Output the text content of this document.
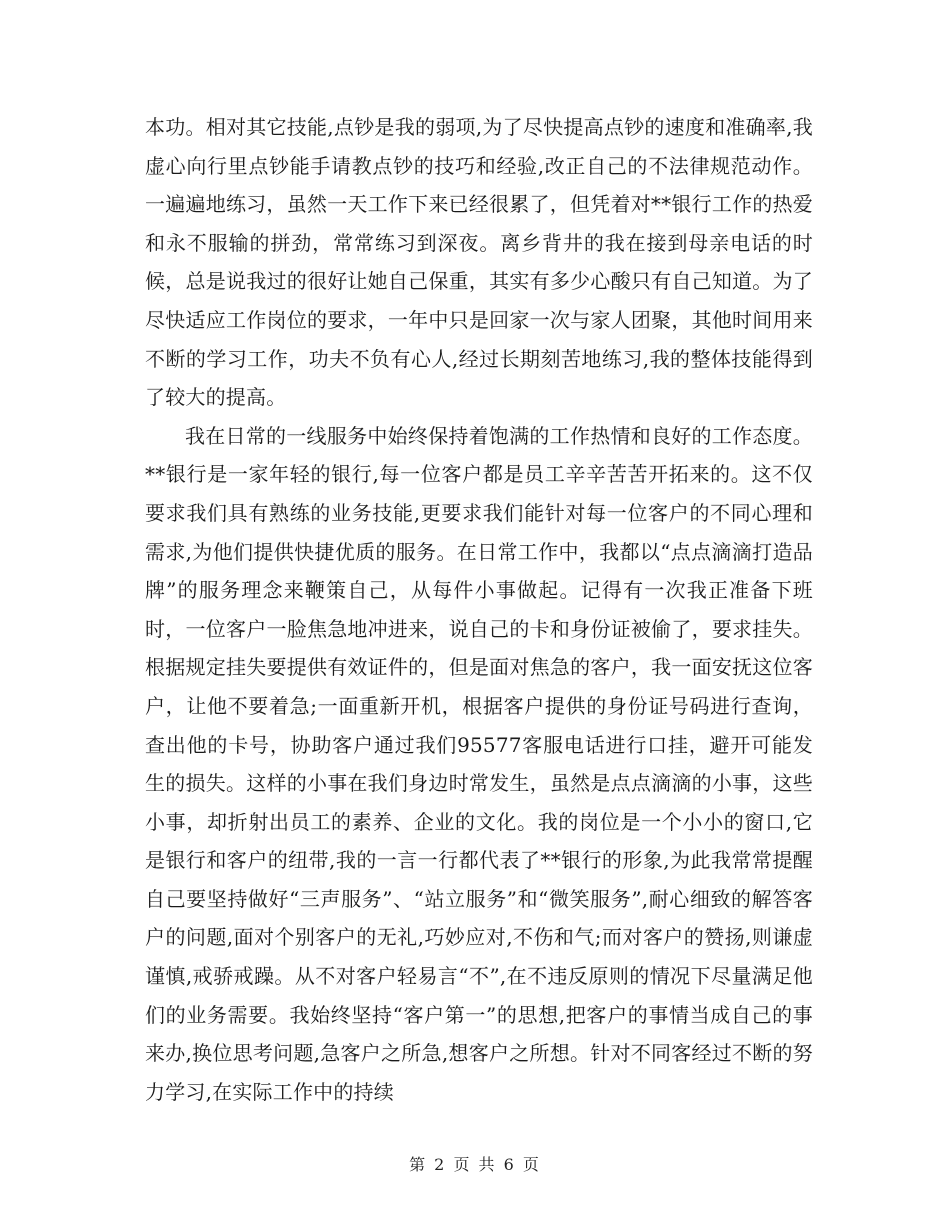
本功。相对其它技能,点钞是我的弱项,为了尽快提高点钞的速度和准确率,我虚心向行里点钞能手请教点钞的技巧和经验,改正自己的不法律规范动作。一遍遍地练习，虽然一天工作下来已经很累了，但凭着对**银行工作的热爱和永不服输的拼劲，常常练习到深夜。离乡背井的我在接到母亲电话的时候，总是说我过的很好让她自己保重，其实有多少心酸只有自己知道。为了尽快适应工作岗位的要求，一年中只是回家一次与家人团聚，其他时间用来不断的学习工作，功夫不负有心人,经过长期刻苦地练习,我的整体技能得到了较大的提高。

我在日常的一线服务中始终保持着饱满的工作热情和良好的工作态度。**银行是一家年轻的银行,每一位客户都是员工辛辛苦苦开拓来的。这不仅要求我们具有熟练的业务技能,更要求我们能针对每一位客户的不同心理和需求,为他们提供快捷优质的服务。在日常工作中，我都以“点点滴滴打造品牌”的服务理念来鞭策自己，从每件小事做起。记得有一次我正准备下班时，一位客户一脸焦急地冲进来，说自己的卡和身份证被偷了，要求挂失。根据规定挂失要提供有效证件的，但是面对焦急的客户，我一面安抚这位客户，让他不要着急;一面重新开机，根据客户提供的身份证号码进行查询，查出他的卡号，协助客户通过我们95577客服电话进行口挂，避开可能发生的损失。这样的小事在我们身边时常发生，虽然是点点滴滴的小事，这些小事，却折射出员工的素养、企业的文化。我的岗位是一个小小的窗口,它是银行和客户的纽带,我的一言一行都代表了**银行的形象,为此我常常提醒自己要坚持做好“三声服务”、“站立服务”和“微笑服务”,耐心细致的解答客户的问题,面对个别客户的无礼,巧妙应对,不伤和气;而对客户的赞扬,则谦虚谨慎,戒骄戒躁。从不对客户轻易言“不”,在不违反原则的情况下尽量满足他们的业务需要。我始终坚持“客户第一”的思想,把客户的事情当成自己的事来办,换位思考问题,急客户之所急,想客户之所想。针对不同客经过不断的努力学习,在实际工作中的持续

第 2 页 共 6 页
